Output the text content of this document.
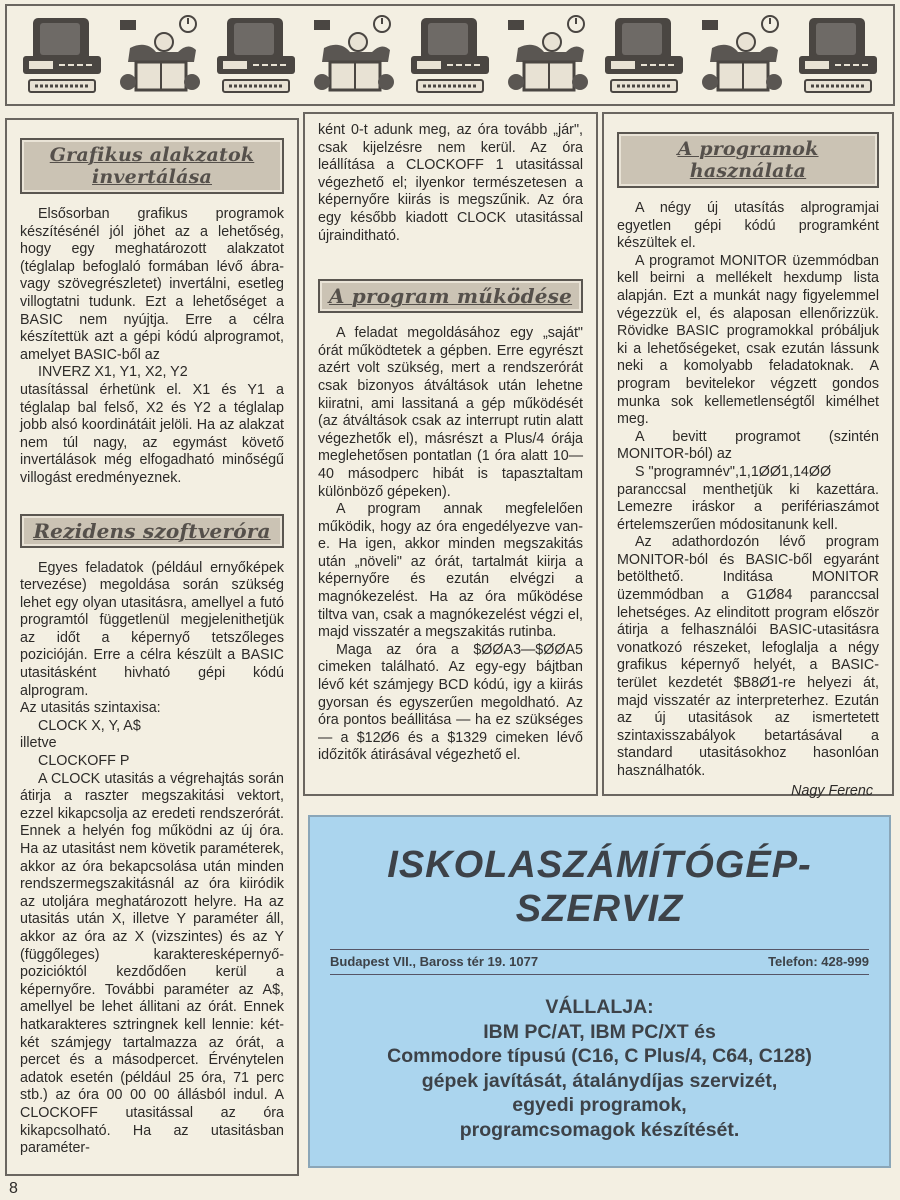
Grafikus alakzatok
invertálása

Elsősorban grafikus programok készítésénél jól jöhet az a lehetőség, hogy egy meghatározott alakzatot (téglalap befoglaló formában lévő ábra- vagy szövegrészletet) invertálni, esetleg villogtatni tudunk. Ezt a lehetőséget a BASIC nem nyújtja. Erre a célra készítettük azt a gépi kódú alprogramot, amelyet BASIC-ből az

INVERZ X1, Y1, X2, Y2

utasítással érhetünk el. X1 és Y1 a téglalap bal felső, X2 és Y2 a téglalap jobb alsó koordinátáit jelöli. Ha az alakzat nem túl nagy, az egymást követő invertálások még elfogadható minőségű villogást eredményeznek.

Rezidens szoftveróra

Egyes feladatok (például ernyőképek tervezése) megoldása során szükség lehet egy olyan utasitásra, amellyel a futó programtól függetlenül megjelenithetjük az időt a képernyő tetszőleges pozicióján. Erre a célra készült a BASIC utasitásként hivható gépi kódú alprogram.

Az utasitás szintaxisa:

CLOCK X, Y, A$

illetve

CLOCKOFF P

A CLOCK utasitás a végrehajtás során átirja a raszter megszakitási vektort, ezzel kikapcsolja az eredeti rendszerórát. Ennek a helyén fog működni az új óra. Ha az utasitást nem követik paraméterek, akkor az óra bekapcsolása után minden rendszermegszakitásnál az óra kiiródik az utoljára meghatározott helyre. Ha az utasitás után X, illetve Y paraméter áll, akkor az óra az X (vizszintes) és az Y (függőleges) karakteresképernyő-pozicióktól kezdődően kerül a képernyőre. További paraméter az A$, amellyel be lehet állitani az órát. Ennek hatkarakteres sztringnek kell lennie: két-két számjegy tartalmazza az órát, a percet és a másodpercet. Érvénytelen adatok esetén (például 25 óra, 71 perc stb.) az óra 00 00 00 állásból indul. A CLOCKOFF utasitással az óra kikapcsolható. Ha az utasitásban paraméter-

ként 0-t adunk meg, az óra tovább „jár", csak kijelzésre nem kerül. Az óra leállítása a CLOCKOFF 1 utasitással végezhető el; ilyenkor természetesen a képernyőre kiirás is megszűnik. Az óra egy később kiadott CLOCK utasitással újrainditható.

A program működése

A feladat megoldásához egy „saját" órát működtetek a gépben. Erre egyrészt azért volt szükség, mert a rendszerórát csak bizonyos átváltások után lehetne kiiratni, ami lassitaná a gép működését (az átváltások csak az interrupt rutin alatt végezhetők el), másrészt a Plus/4 órája meglehetősen pontatlan (1 óra alatt 10—40 másodperc hibát is tapasztaltam különböző gépeken).

A program annak megfelelően működik, hogy az óra engedélyezve van-e. Ha igen, akkor minden megszakitás után „növeli" az órát, tartalmát kiirja a képernyőre és ezután elvégzi a magnókezelést. Ha az óra működése tiltva van, csak a magnókezelést végzi el, majd visszatér a megszakitás rutinba.

Maga az óra a $ØØA3—$ØØA5 cimeken található. Az egy-egy bájtban lévő két számjegy BCD kódú, igy a kiirás gyorsan és egyszerűen megoldható. Az óra pontos beállitása — ha ez szükséges — a $12Ø6 és a $1329 cimeken lévő időzitők átirásával végezhető el.

A programok
használata

A négy új utasítás alprogramjai egyetlen gépi kódú programként készültek el.

A programot MONITOR üzemmódban kell beirni a mellékelt hexdump lista alapján. Ezt a munkát nagy figyelemmel végezzük el, és alaposan ellenőrizzük. Rövidke BASIC programokkal próbáljuk ki a lehetőségeket, csak ezután lássunk neki a komolyabb feladatoknak. A program bevitelekor végzett gondos munka sok kellemetlenségtől kimélhet meg.

A bevitt programot (szintén MONITOR-ból) az

S "programnév",1,1ØØ1,14ØØ

paranccsal menthetjük ki kazettára. Lemezre iráskor a perifériaszámot értelemszerűen módositanunk kell.

Az adathordozón lévő program MONITOR-ból és BASIC-ből egyaránt betölthető. Inditása MONITOR üzemmódban a G1Ø84 paranccsal lehetséges. Az elinditott program először átirja a felhasználói BASIC-utasitásra vonatkozó részeket, lefoglalja a négy grafikus képernyő helyét, a BASIC-terület kezdetét $B8Ø1-re helyezi át, majd visszatér az interpreterhez. Ezután az új utasitások az ismertetett szintaxisszabályok betartásával a standard utasitásokhoz hasonlóan használhatók.

Nagy Ferenc

ISKOLASZÁMÍTÓGÉP-
SZERVIZ
Budapest VII., Baross tér 19. 1077	Telefon: 428-999
VÁLLALJA:
IBM PC/AT, IBM PC/XT és
Commodore típusú (C16, C Plus/4, C64, C128)
gépek javítását, átalánydíjas szervizét,
egyedi programok,
programcsomagok készítését.
8
